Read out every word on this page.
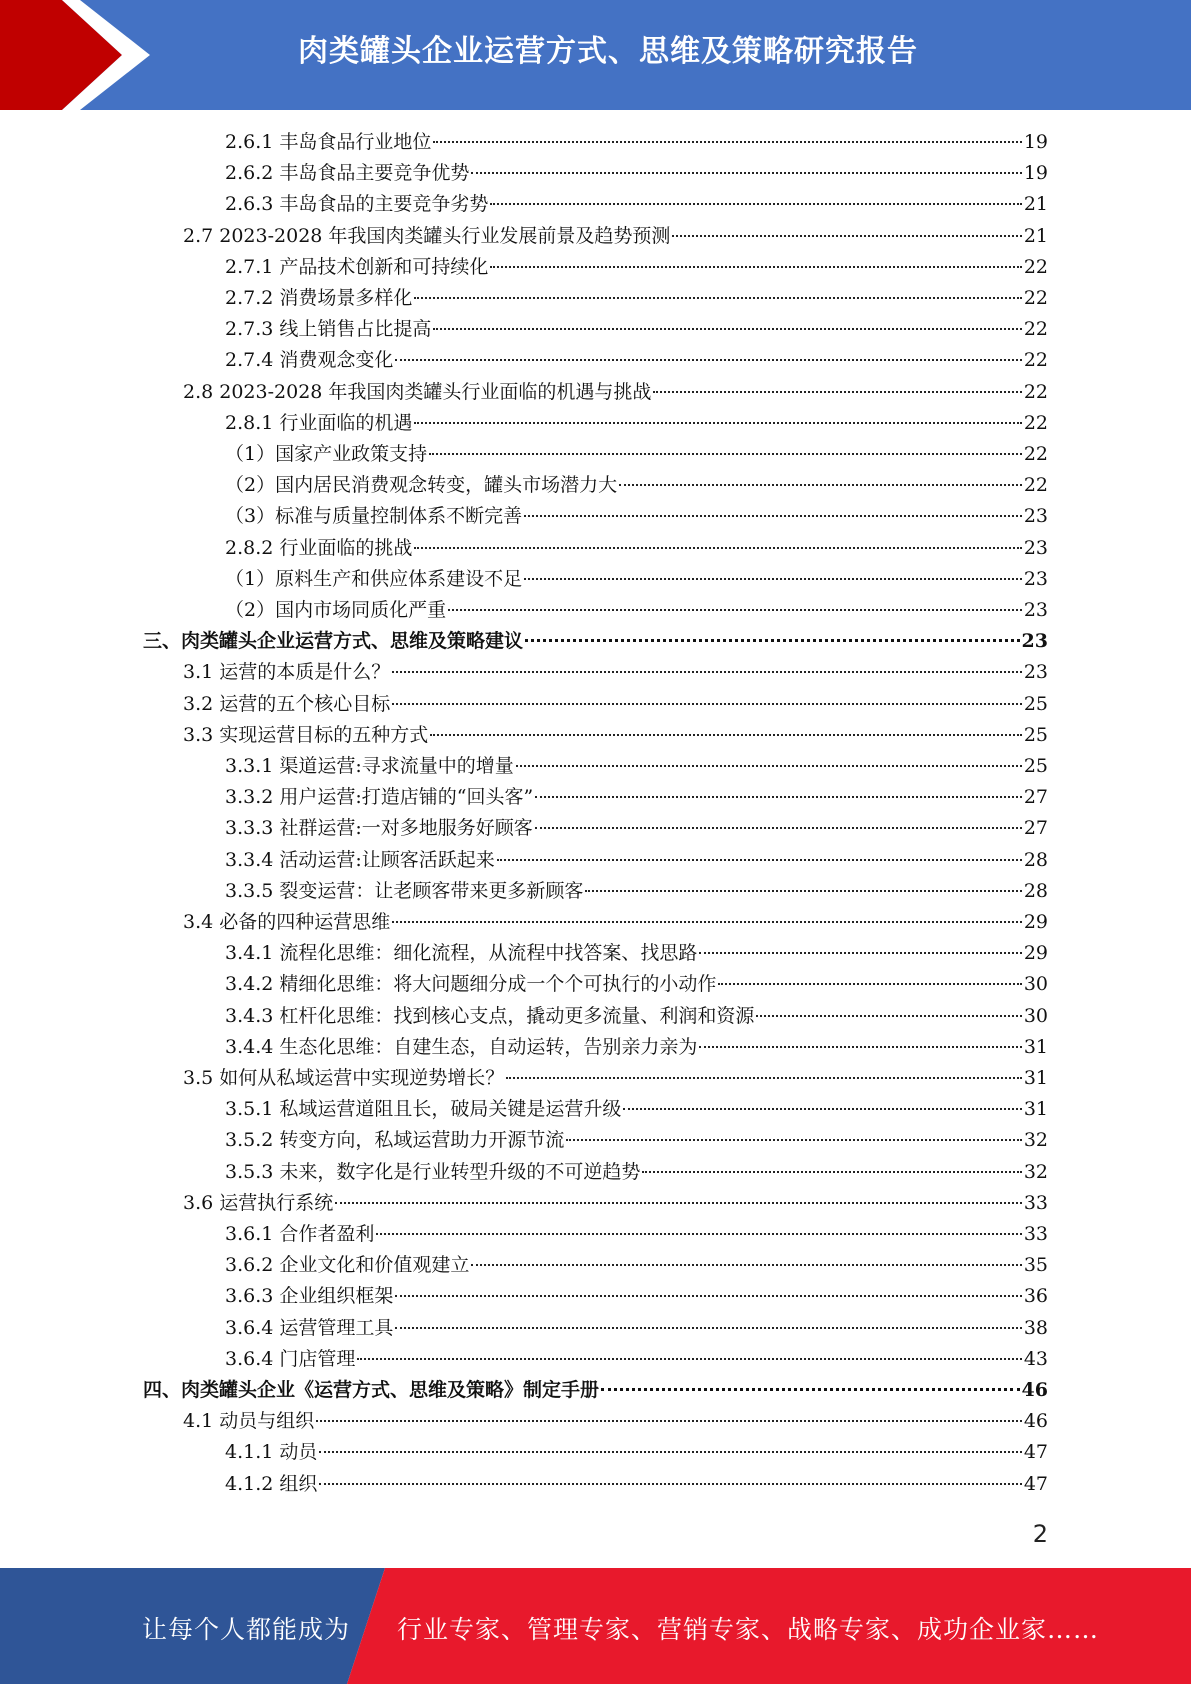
肉类罐头企业运营方式、思维及策略研究报告
2.6.1 丰岛食品行业地位	19
2.6.2 丰岛食品主要竞争优势	19
2.6.3 丰岛食品的主要竞争劣势	21
2.7 2023-2028 年我国肉类罐头行业发展前景及趋势预测	21
2.7.1 产品技术创新和可持续化	22
2.7.2 消费场景多样化	22
2.7.3 线上销售占比提高	22
2.7.4 消费观念变化	22
2.8 2023-2028 年我国肉类罐头行业面临的机遇与挑战	22
2.8.1 行业面临的机遇	22
（1）国家产业政策支持	22
（2）国内居民消费观念转变，罐头市场潜力大	22
（3）标准与质量控制体系不断完善	23
2.8.2 行业面临的挑战	23
（1）原料生产和供应体系建设不足	23
（2）国内市场同质化严重	23
三、肉类罐头企业运营方式、思维及策略建议	23
3.1 运营的本质是什么？	23
3.2 运营的五个核心目标	25
3.3 实现运营目标的五种方式	25
3.3.1 渠道运营:寻求流量中的增量	25
3.3.2 用户运营:打造店铺的“回头客”	27
3.3.3 社群运营:一对多地服务好顾客	27
3.3.4 活动运营:让顾客活跃起来	28
3.3.5 裂变运营：让老顾客带来更多新顾客	28
3.4 必备的四种运营思维	29
3.4.1 流程化思维：细化流程，从流程中找答案、找思路	29
3.4.2 精细化思维：将大问题细分成一个个可执行的小动作	30
3.4.3 杠杆化思维：找到核心支点，撬动更多流量、利润和资源	30
3.4.4 生态化思维：自建生态，自动运转，告别亲力亲为	31
3.5 如何从私域运营中实现逆势增长？	31
3.5.1 私域运营道阻且长，破局关键是运营升级	31
3.5.2 转变方向，私域运营助力开源节流	32
3.5.3 未来，数字化是行业转型升级的不可逆趋势	32
3.6 运营执行系统	33
3.6.1 合作者盈利	33
3.6.2 企业文化和价值观建立	35
3.6.3 企业组织框架	36
3.6.4 运营管理工具	38
3.6.4 门店管理	43
四、肉类罐头企业《运营方式、思维及策略》制定手册	46
4.1 动员与组织	46
4.1.1 动员	47
4.1.2 组织	47
2
让每个人都能成为 行业专家、管理专家、营销专家、战略专家、成功企业家……
